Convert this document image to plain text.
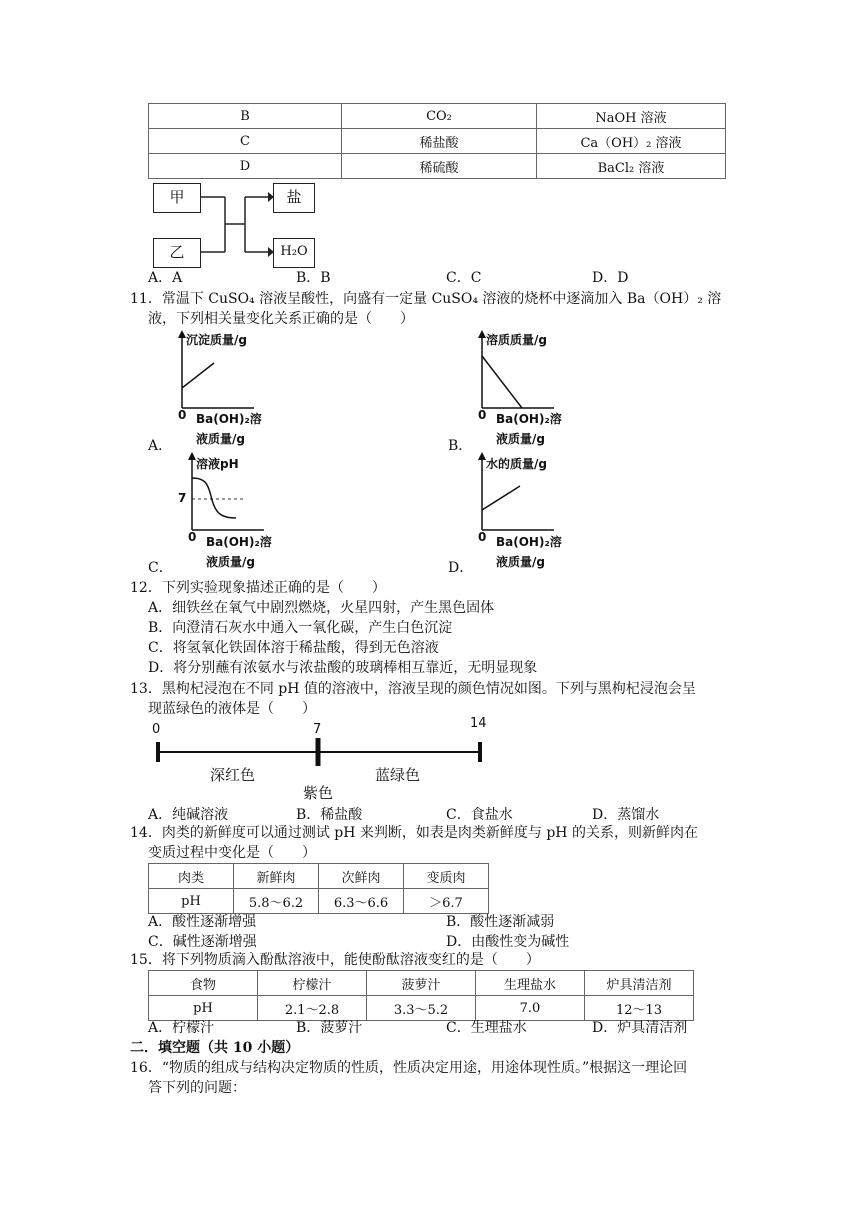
B	CO₂	NaOH 溶液
C	稀盐酸	Ca（OH）₂ 溶液
D	稀硫酸	BaCl₂ 溶液
甲
乙
盐
H₂O
A．A	B．B	C．C	D．D
11．常温下 CuSO₄ 溶液呈酸性，向盛有一定量 CuSO₄ 溶液的烧杯中逐滴加入 Ba（OH）₂ 溶
液，下列相关量变化关系正确的是（　　）
沉淀质量/g
0 Ba(OH)₂溶
液质量/g
A．
溶质质量/g
0 Ba(OH)₂溶
液质量/g
B．
溶液pH
7
0 Ba(OH)₂溶
液质量/g
C．
水的质量/g
0 Ba(OH)₂溶
液质量/g
D．
12．下列实验现象描述正确的是（　　）
A．细铁丝在氧气中剧烈燃烧，火星四射，产生黑色固体
B．向澄清石灰水中通入一氧化碳，产生白色沉淀
C．将氢氧化铁固体溶于稀盐酸，得到无色溶液
D．将分别蘸有浓氨水与浓盐酸的玻璃棒相互靠近，无明显现象
13．黑枸杞浸泡在不同 pH 值的溶液中，溶液呈现的颜色情况如图。下列与黑枸杞浸泡会呈
现蓝绿色的液体是（　　）
0	7	14
深红色
紫色
蓝绿色
A．纯碱溶液	B．稀盐酸	C．食盐水	D．蒸馏水
14．肉类的新鲜度可以通过测试 pH 来判断，如表是肉类新鲜度与 pH 的关系，则新鲜肉在
变质过程中变化是（　　）
肉类	新鲜肉	次鲜肉	变质肉
pH	5.8～6.2	6.3～6.6	＞6.7
A．酸性逐渐增强	B．酸性逐渐减弱
C．碱性逐渐增强	D．由酸性变为碱性
15．将下列物质滴入酚酞溶液中，能使酚酞溶液变红的是（　　）
食物	柠檬汁	菠萝汁	生理盐水	炉具清洁剂
pH	2.1～2.8	3.3～5.2	7.0	12～13
A．柠檬汁	B．菠萝汁	C．生理盐水	D．炉具清洁剂
二．填空题（共 10 小题）
16．“物质的组成与结构决定物质的性质，性质决定用途，用途体现性质。”根据这一理论回
答下列的问题：
